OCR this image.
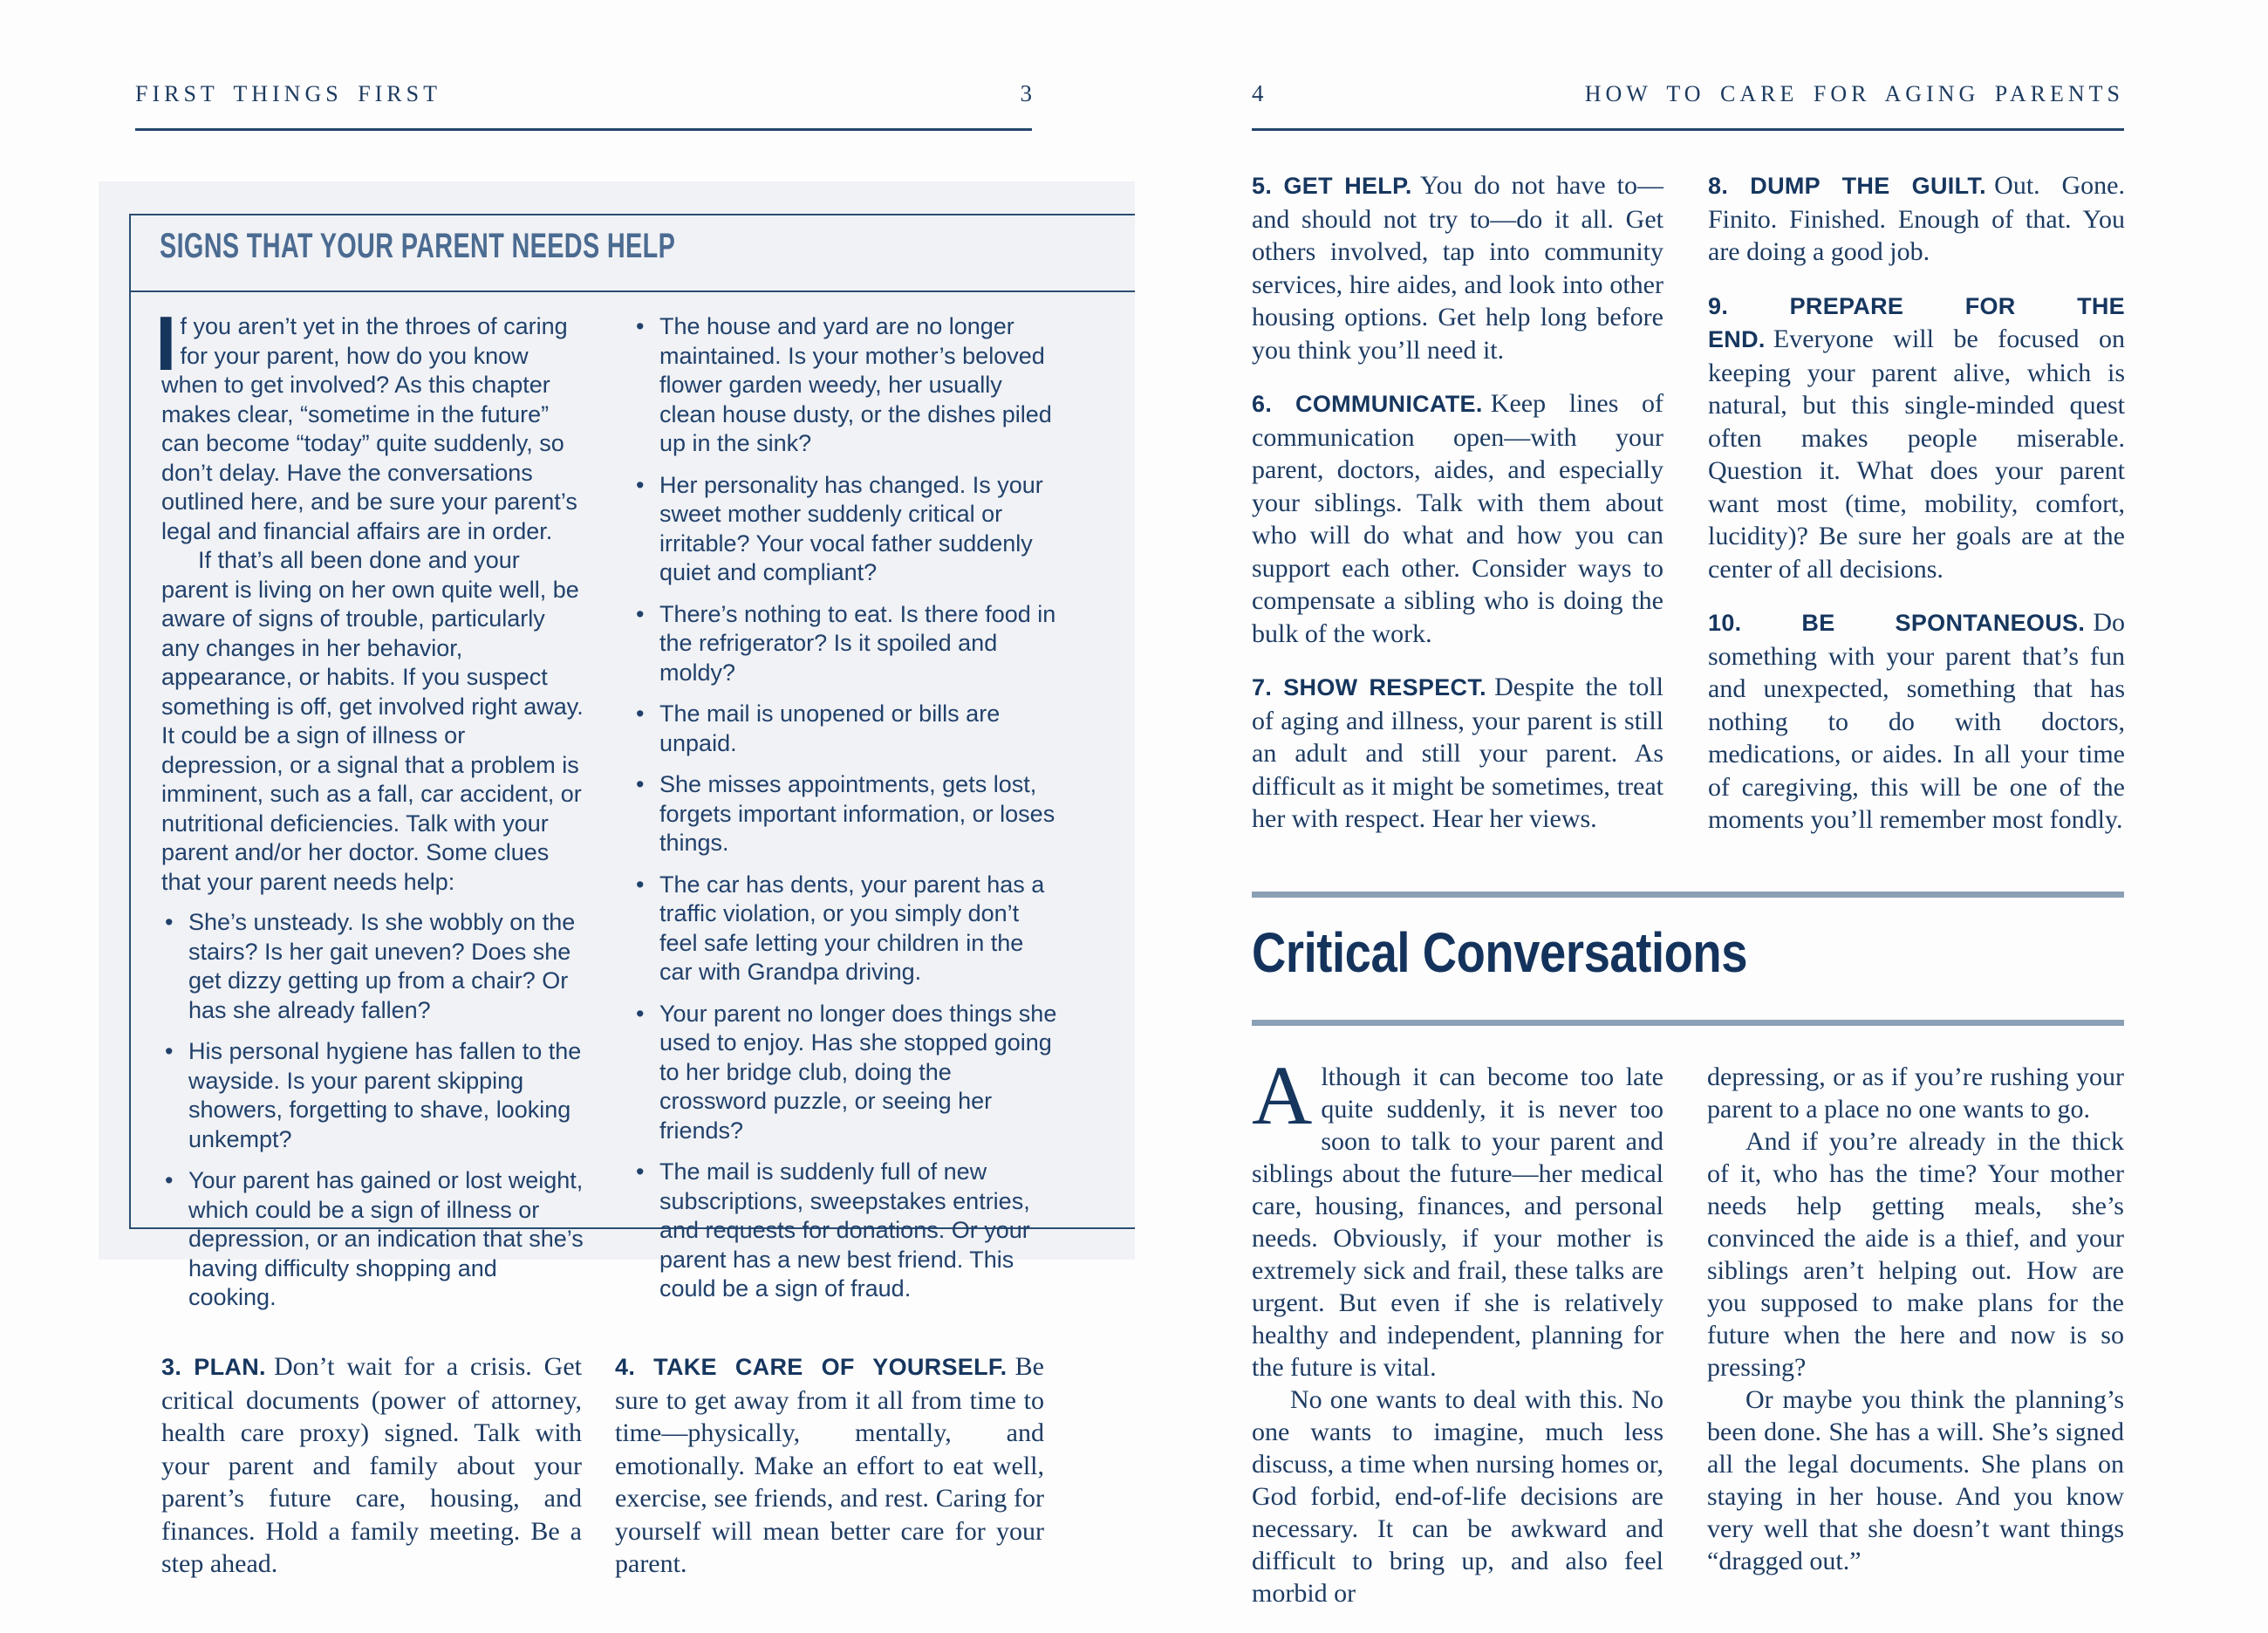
FIRST THINGS FIRST	3	4	HOW TO CARE FOR AGING PARENTS
SIGNS THAT YOUR PARENT NEEDS HELP

If you aren’t yet in the throes of caring for your parent, how do you know when to get involved? As this chapter makes clear, “sometime in the future” can become “today” quite suddenly, so don’t delay. Have the conversations outlined here, and be sure your parent’s legal and financial affairs are in order.

If that’s all been done and your parent is living on her own quite well, be aware of signs of trouble, particularly any changes in her behavior, appearance, or habits. If you suspect something is off, get involved right away. It could be a sign of illness or depression, or a signal that a problem is imminent, such as a fall, car accident, or nutritional deficiencies. Talk with your parent and/or her doctor. Some clues that your parent needs help:

• She’s unsteady. Is she wobbly on the stairs? Is her gait uneven? Does she get dizzy getting up from a chair? Or has she already fallen?
• His personal hygiene has fallen to the wayside. Is your parent skipping showers, forgetting to shave, looking unkempt?
• Your parent has gained or lost weight, which could be a sign of illness or depression, or an indication that she’s having difficulty shopping and cooking.
• The house and yard are no longer maintained. Is your mother’s beloved flower garden weedy, her usually clean house dusty, or the dishes piled up in the sink?
• Her personality has changed. Is your sweet mother suddenly critical or irritable? Your vocal father suddenly quiet and compliant?
• There’s nothing to eat. Is there food in the refrigerator? Is it spoiled and moldy?
• The mail is unopened or bills are unpaid.
• She misses appointments, gets lost, forgets important information, or loses things.
• The car has dents, your parent has a traffic violation, or you simply don’t feel safe letting your children in the car with Grandpa driving.
• Your parent no longer does things she used to enjoy. Has she stopped going to her bridge club, doing the crossword puzzle, or seeing her friends?
• The mail is suddenly full of new subscriptions, sweepstakes entries, and requests for donations. Or your parent has a new best friend. This could be a sign of fraud.

3. PLAN. Don’t wait for a crisis. Get critical documents (power of attorney, health care proxy) signed. Talk with your parent and family about your parent’s future care, housing, and finances. Hold a family meeting. Be a step ahead.

4. TAKE CARE OF YOURSELF. Be sure to get away from it all from time to time—physically, mentally, and emotionally. Make an effort to eat well, exercise, see friends, and rest. Caring for yourself will mean better care for your parent.

5. GET HELP. You do not have to—and should not try to—do it all. Get others involved, tap into community services, hire aides, and look into other housing options. Get help long before you think you’ll need it.

6. COMMUNICATE. Keep lines of communication open—with your parent, doctors, aides, and especially your siblings. Talk with them about who will do what and how you can support each other. Consider ways to compensate a sibling who is doing the bulk of the work.

7. SHOW RESPECT. Despite the toll of aging and illness, your parent is still an adult and still your parent. As difficult as it might be sometimes, treat her with respect. Hear her views.

8. DUMP THE GUILT. Out. Gone. Finito. Finished. Enough of that. You are doing a good job.

9. PREPARE FOR THE END. Everyone will be focused on keeping your parent alive, which is natural, but this single-minded quest often makes people miserable. Question it. What does your parent want most (time, mobility, comfort, lucidity)? Be sure her goals are at the center of all decisions.

10. BE SPONTANEOUS. Do something with your parent that’s fun and unexpected, something that has nothing to do with doctors, medications, or aides. In all your time of caregiving, this will be one of the moments you’ll remember most fondly.

Critical Conversations

Although it can become too late quite suddenly, it is never too soon to talk to your parent and siblings about the future—her medical care, housing, finances, and personal needs. Obviously, if your mother is extremely sick and frail, these talks are urgent. But even if she is relatively healthy and independent, planning for the future is vital.

No one wants to deal with this. No one wants to imagine, much less discuss, a time when nursing homes or, God forbid, end-of-life decisions are necessary. It can be awkward and difficult to bring up, and also feel morbid or

depressing, or as if you’re rushing your parent to a place no one wants to go.

And if you’re already in the thick of it, who has the time? Your mother needs help getting meals, she’s convinced the aide is a thief, and your siblings aren’t helping out. How are you supposed to make plans for the future when the here and now is so pressing?

Or maybe you think the planning’s been done. She has a will. She’s signed all the legal documents. She plans on staying in her house. And you know very well that she doesn’t want things “dragged out.”
